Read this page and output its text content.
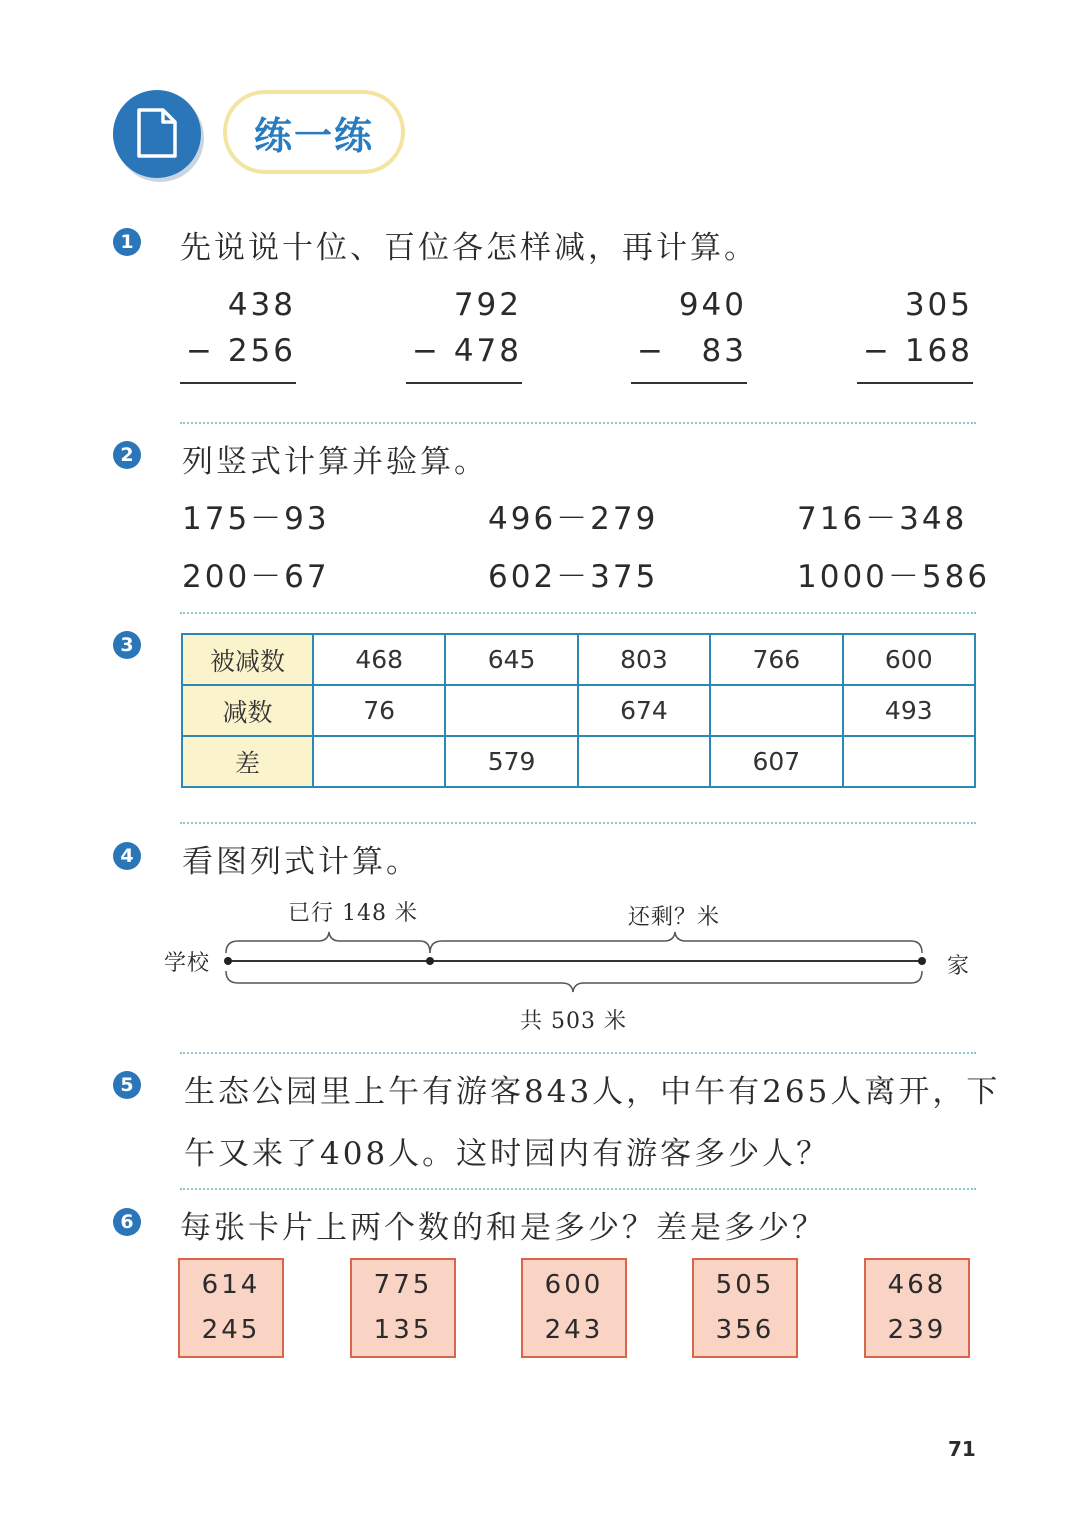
练一练
1 先说说十位、百位各怎样减，再计算。
438
− 256
792
− 478
940
− 83
305
− 168
2 列竖式计算并验算。
175－93	496－279	716－348
200－67	602－375	1000－586
3
被减数	468	645	803	766	600
减数	76		674		493
差		579		607	
4 看图列式计算。
已行 148 米	还剩？米
学校	家
共 503 米
5 生态公园里上午有游客843人，中午有265人离开，下
午又来了408人。这时园内有游客多少人？
6 每张卡片上两个数的和是多少？差是多少？
614
245
775
135
600
243
505
356
468
239
71
